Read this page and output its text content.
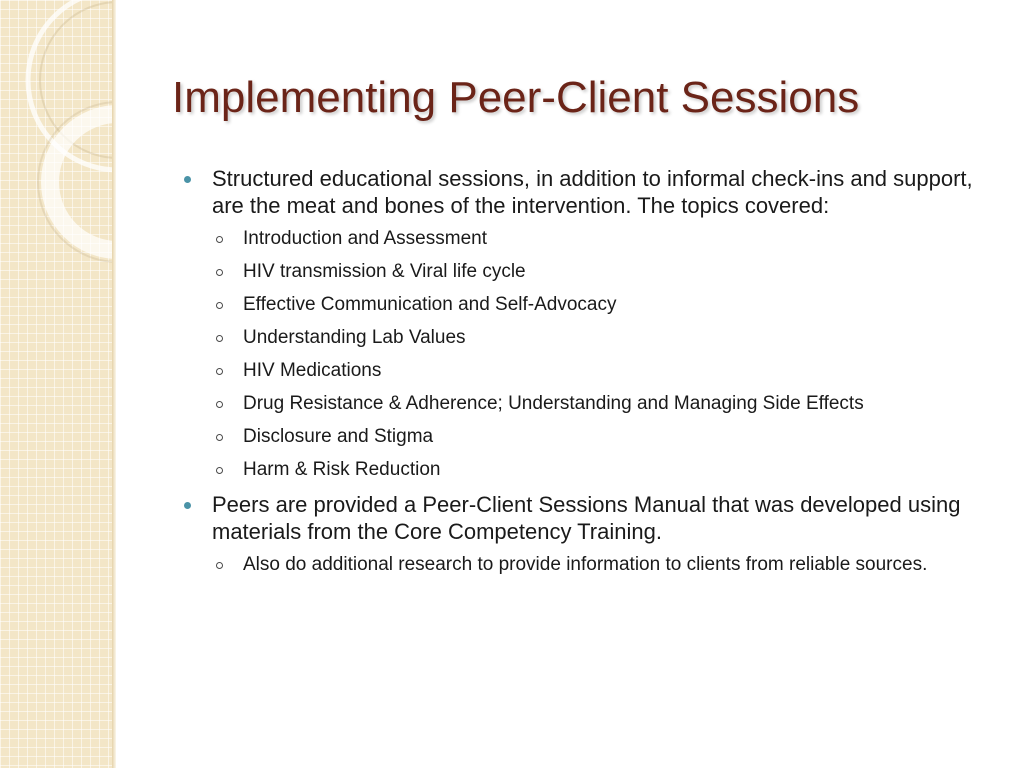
Implementing Peer-Client Sessions
Structured educational sessions, in addition to informal check-ins and support, are the meat and bones of the intervention. The topics covered:
Introduction and Assessment
HIV transmission & Viral life cycle
Effective Communication and Self-Advocacy
Understanding Lab Values
HIV Medications
Drug Resistance & Adherence; Understanding and Managing Side Effects
Disclosure and Stigma
Harm & Risk Reduction
Peers are provided a Peer-Client Sessions Manual that was developed using materials from the Core Competency Training.
Also do additional research to provide information to clients from reliable sources.
